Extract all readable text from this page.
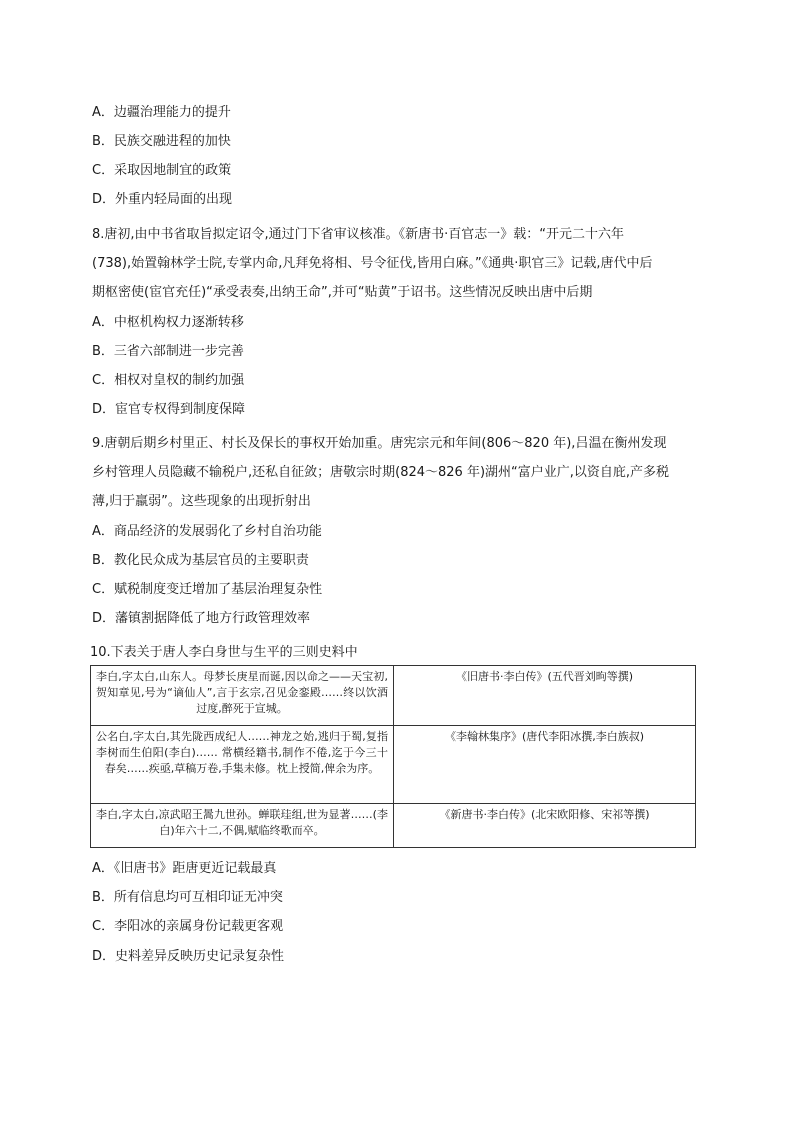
A．边疆治理能力的提升
B．民族交融进程的加快
C．采取因地制宜的政策
D．外重内轻局面的出现
8.唐初,由中书省取旨拟定诏令,通过门下省审议核准。《新唐书·百官志一》载：“开元二十六年
(738),始置翰林学士院,专掌内命,凡拜免将相、号令征伐,皆用白麻。”《通典·职官三》记载,唐代中后
期枢密使(宦官充任)“承受表奏,出纳王命”,并可“贴黄”于诏书。这些情况反映出唐中后期
A．中枢机构权力逐渐转移
B．三省六部制进一步完善
C．相权对皇权的制约加强
D．宦官专权得到制度保障
9.唐朝后期乡村里正、村长及保长的事权开始加重。唐宪宗元和年间(806～820 年),吕温在衡州发现
乡村管理人员隐藏不输税户,还私自征敛；唐敬宗时期(824～826 年)湖州“富户业广,以资自庇,产多税
薄,归于羸弱”。这些现象的出现折射出
A．商品经济的发展弱化了乡村自治功能
B．教化民众成为基层官员的主要职责
C．赋税制度变迁增加了基层治理复杂性
D．藩镇割据降低了地方行政管理效率
10.下表关于唐人李白身世与生平的三则史料中
李白,字太白,山东人。母梦长庚星而诞,因以命之——天宝初,贺知章见,号为“谪仙人”,言于玄宗,召见金銮殿……终以饮酒过度,醉死于宣城。	《旧唐书·李白传》(五代晋刘昫等撰)
公名白,字太白,其先陇西成纪人……神龙之始,逃归于蜀,复指李树而生伯阳(李白)…… 常横经籍书,制作不倦,迄于今三十春矣……疾亟,草稿万卷,手集未修。枕上授简,俾余为序。	《李翰林集序》(唐代李阳冰撰,李白族叔)
李白,字太白,凉武昭王暠九世孙。蝉联珪组,世为显著……(李白)年六十二,不偶,赋临终歌而卒。	《新唐书·李白传》(北宋欧阳修、宋祁等撰)
A．《旧唐书》距唐更近记载最真
B．所有信息均可互相印证无冲突
C．李阳冰的亲属身份记载更客观
D．史料差异反映历史记录复杂性
